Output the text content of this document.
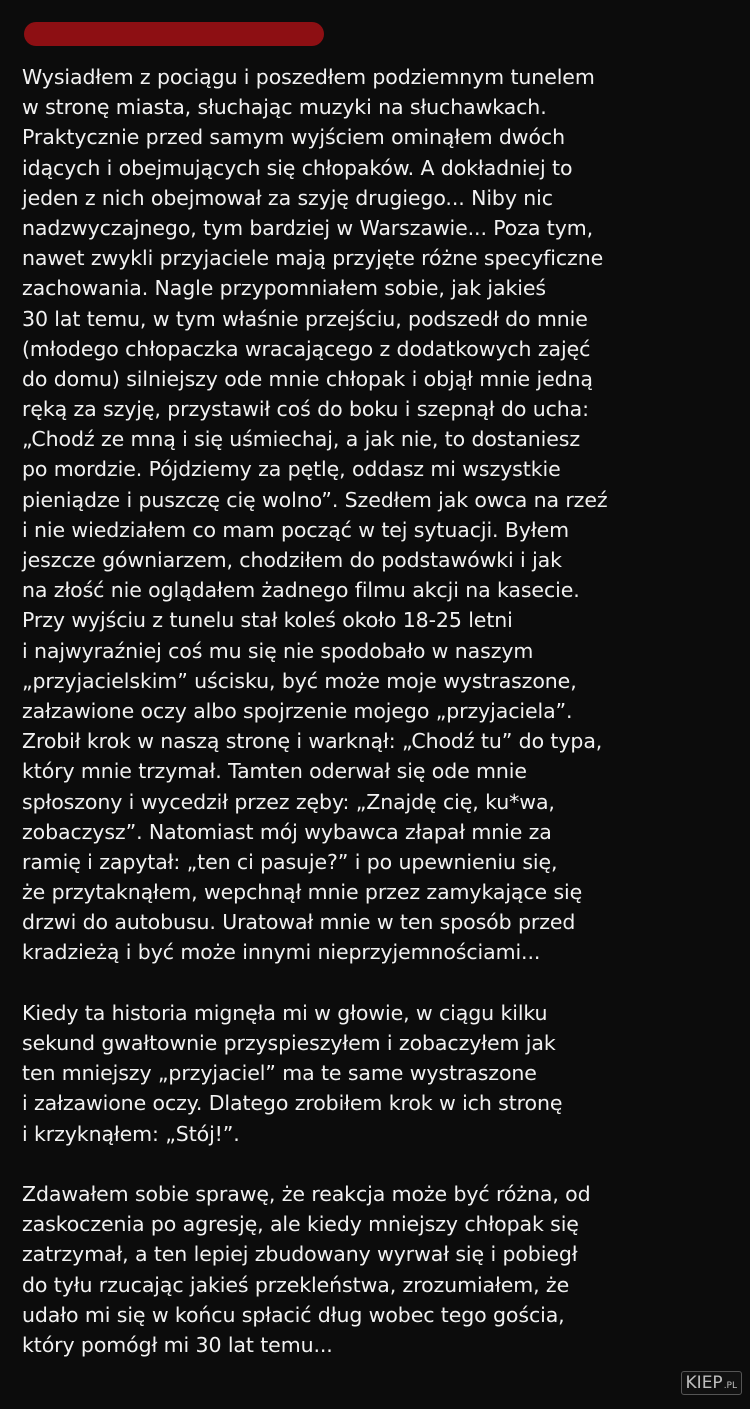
Wysiadłem z pociągu i poszedłem podziemnym tunelem
w stronę miasta, słuchając muzyki na słuchawkach.
Praktycznie przed samym wyjściem ominąłem dwóch
idących i obejmujących się chłopaków. A dokładniej to
jeden z nich obejmował za szyję drugiego... Niby nic
nadzwyczajnego, tym bardziej w Warszawie... Poza tym,
nawet zwykli przyjaciele mają przyjęte różne specyficzne
zachowania. Nagle przypomniałem sobie, jak jakieś
30 lat temu, w tym właśnie przejściu, podszedł do mnie
(młodego chłopaczka wracającego z dodatkowych zajęć
do domu) silniejszy ode mnie chłopak i objął mnie jedną
ręką za szyję, przystawił coś do boku i szepnął do ucha:
„Chodź ze mną i się uśmiechaj, a jak nie, to dostaniesz
po mordzie. Pójdziemy za pętlę, oddasz mi wszystkie
pieniądze i puszczę cię wolno”. Szedłem jak owca na rzeź
i nie wiedziałem co mam począć w tej sytuacji. Byłem
jeszcze gówniarzem, chodziłem do podstawówki i jak
na złość nie oglądałem żadnego filmu akcji na kasecie.
Przy wyjściu z tunelu stał koleś około 18-25 letni
i najwyraźniej coś mu się nie spodobało w naszym
„przyjacielskim” uścisku, być może moje wystraszone,
załzawione oczy albo spojrzenie mojego „przyjaciela”.
Zrobił krok w naszą stronę i warknął: „Chodź tu” do typa,
który mnie trzymał. Tamten oderwał się ode mnie
spłoszony i wycedził przez zęby: „Znajdę cię, ku*wa,
zobaczysz”. Natomiast mój wybawca złapał mnie za
ramię i zapytał: „ten ci pasuje?” i po upewnieniu się,
że przytaknąłem, wepchnął mnie przez zamykające się
drzwi do autobusu. Uratował mnie w ten sposób przed
kradzieżą i być może innymi nieprzyjemnościami...
Kiedy ta historia mignęła mi w głowie, w ciągu kilku
sekund gwałtownie przyspieszyłem i zobaczyłem jak
ten mniejszy „przyjaciel” ma te same wystraszone
i załzawione oczy. Dlatego zrobiłem krok w ich stronę
i krzyknąłem: „Stój!”.
Zdawałem sobie sprawę, że reakcja może być różna, od
zaskoczenia po agresję, ale kiedy mniejszy chłopak się
zatrzymał, a ten lepiej zbudowany wyrwał się i pobiegł
do tyłu rzucając jakieś przekleństwa, zrozumiałem, że
udało mi się w końcu spłacić dług wobec tego gościa,
który pomógł mi 30 lat temu...
KIEP .PL
